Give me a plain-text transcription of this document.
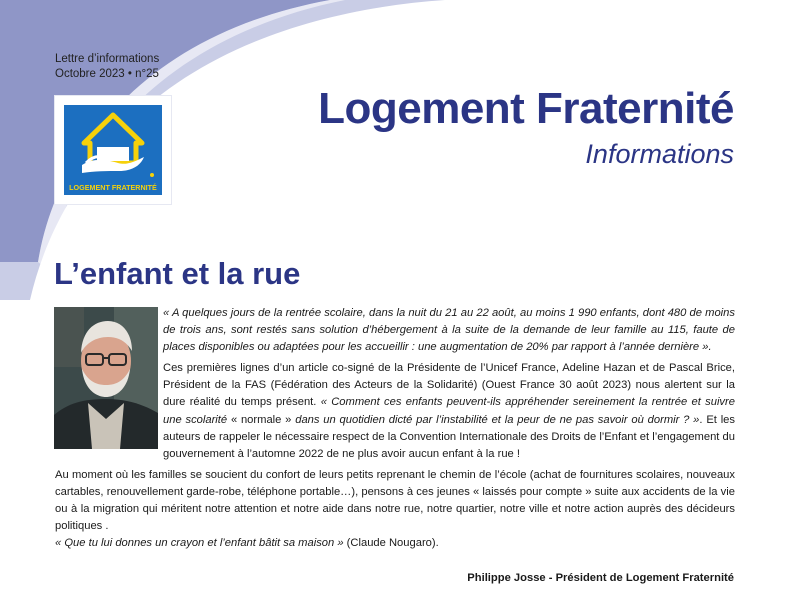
Lettre d’informations
Octobre 2023 • n°25
LOGEMENT FRATERNITÉ
Logement Fraternité
Informations
L’enfant et la rue

« A quelques jours de la rentrée scolaire, dans la nuit du 21 au 22 août, au moins 1 990 enfants, dont 480 de moins de trois ans, sont restés sans solution d’hébergement à la suite de la demande de leur famille au 115, faute de places disponibles ou adaptées pour les accueillir : une augmentation de 20% par rapport à l’année dernière ».

Ces premières lignes d’un article co-signé de la Présidente de l’Unicef France, Adeline Hazan et de Pascal Brice, Président de la FAS (Fédération des Acteurs de la Solidarité) (Ouest France 30 août 2023) nous alertent sur la dure réalité du temps présent. « Comment ces enfants peuvent-ils appréhender sereinement la rentrée et suivre une scolarité « normale » dans un quotidien dicté par l’instabilité et la peur de ne pas savoir où dormir ? ». Et les auteurs de rappeler le nécessaire respect de la Convention Internationale des Droits de l’Enfant et l’engagement du gouvernement à l’automne 2022 de ne plus avoir aucun enfant à la rue !

Au moment où les familles se soucient du confort de leurs petits reprenant le chemin de l’école (achat de fournitures scolaires, nouveaux cartables, renouvellement garde-robe, téléphone portable…), pensons à ces jeunes « laissés pour compte » suite aux accidents de la vie ou à la migration qui méritent notre attention et notre aide dans notre rue, notre quartier, notre ville et notre action auprès des décideurs politiques .
« Que tu lui donnes un crayon et l’enfant bâtit sa maison » (Claude Nougaro).

Philippe Josse - Président de Logement Fraternité
